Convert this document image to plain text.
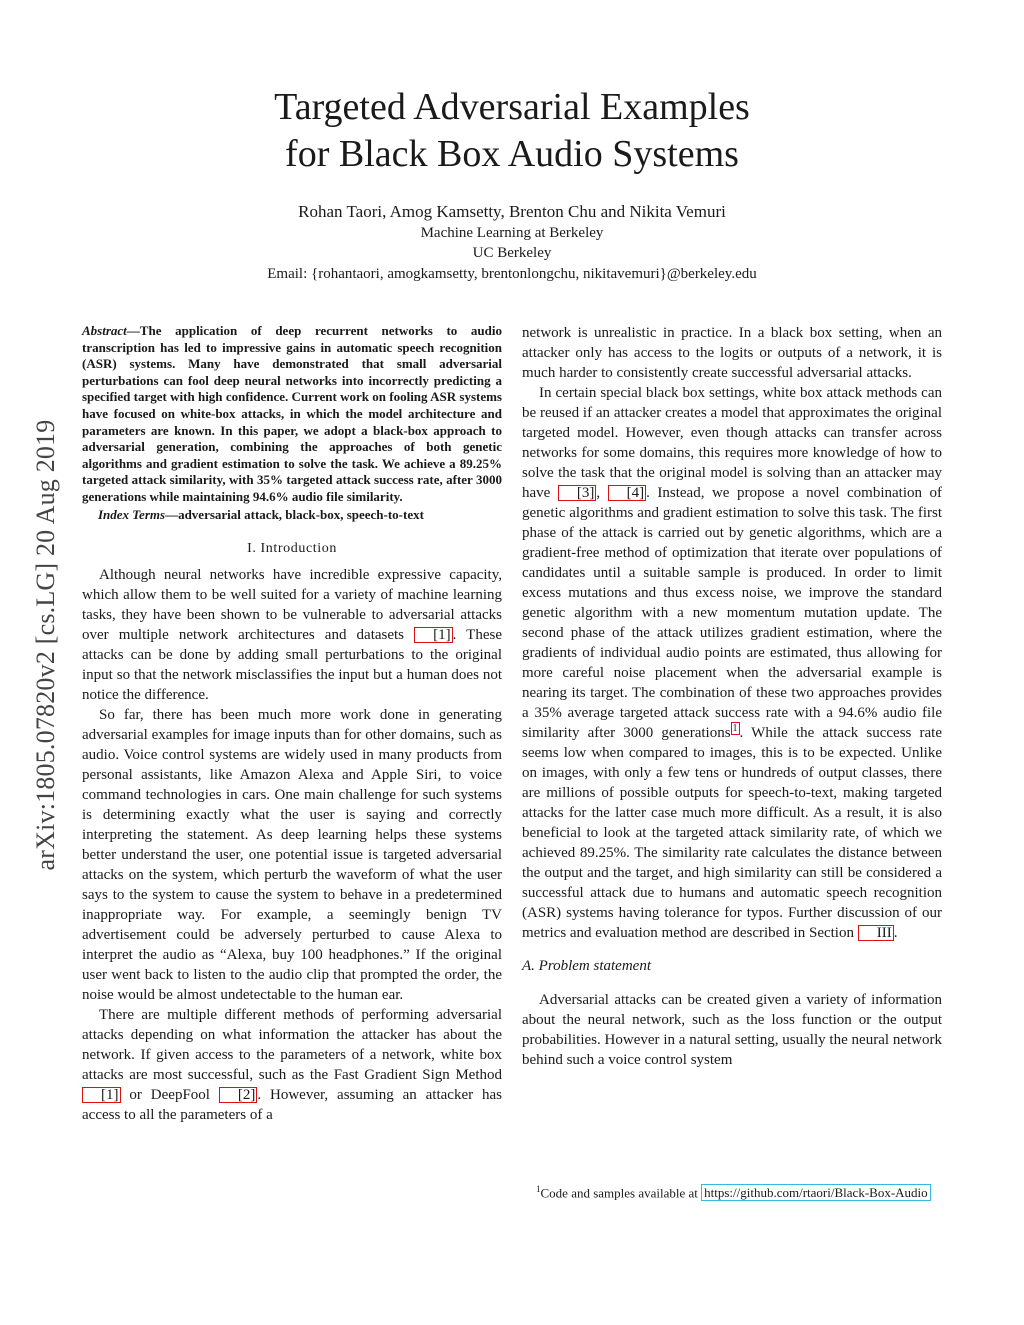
arXiv:1805.07820v2 [cs.LG] 20 Aug 2019
Targeted Adversarial Examples
for Black Box Audio Systems
Rohan Taori, Amog Kamsetty, Brenton Chu and Nikita Vemuri
Machine Learning at Berkeley
UC Berkeley
Email: {rohantaori, amogkamsetty, brentonlongchu, nikitavemuri}@berkeley.edu
Abstract—The application of deep recurrent networks to audio transcription has led to impressive gains in automatic speech recognition (ASR) systems. Many have demonstrated that small adversarial perturbations can fool deep neural networks into incorrectly predicting a specified target with high confidence. Current work on fooling ASR systems have focused on white-box attacks, in which the model architecture and parameters are known. In this paper, we adopt a black-box approach to adversarial generation, combining the approaches of both genetic algorithms and gradient estimation to solve the task. We achieve a 89.25% targeted attack similarity, with 35% targeted attack success rate, after 3000 generations while maintaining 94.6% audio file similarity.
Index Terms—adversarial attack, black-box, speech-to-text
I. Introduction

Although neural networks have incredible expressive capacity, which allow them to be well suited for a variety of machine learning tasks, they have been shown to be vulnerable to adversarial attacks over multiple network architectures and datasets [1] . These attacks can be done by adding small perturbations to the original input so that the network misclassifies the input but a human does not notice the difference.

So far, there has been much more work done in generating adversarial examples for image inputs than for other domains, such as audio. Voice control systems are widely used in many products from personal assistants, like Amazon Alexa and Apple Siri, to voice command technologies in cars. One main challenge for such systems is determining exactly what the user is saying and correctly interpreting the statement. As deep learning helps these systems better understand the user, one potential issue is targeted adversarial attacks on the system, which perturb the waveform of what the user says to the system to cause the system to behave in a predetermined inappropriate way. For example, a seemingly benign TV advertisement could be adversely perturbed to cause Alexa to interpret the audio as “Alexa, buy 100 headphones.” If the original user went back to listen to the audio clip that prompted the order, the noise would be almost undetectable to the human ear.

There are multiple different methods of performing adversarial attacks depending on what information the attacker has about the network. If given access to the parameters of a network, white box attacks are most successful, such as the Fast Gradient Sign Method [1] or DeepFool [2] . However, assuming an attacker has access to all the parameters of a

network is unrealistic in practice. In a black box setting, when an attacker only has access to the logits or outputs of a network, it is much harder to consistently create successful adversarial attacks.

In certain special black box settings, white box attack methods can be reused if an attacker creates a model that approximates the original targeted model. However, even though attacks can transfer across networks for some domains, this requires more knowledge of how to solve the task that the original model is solving than an attacker may have [3] , [4] . Instead, we propose a novel combination of genetic algorithms and gradient estimation to solve this task. The first phase of the attack is carried out by genetic algorithms, which are a gradient-free method of optimization that iterate over populations of candidates until a suitable sample is produced. In order to limit excess mutations and thus excess noise, we improve the standard genetic algorithm with a new momentum mutation update. The second phase of the attack utilizes gradient estimation, where the gradients of individual audio points are estimated, thus allowing for more careful noise placement when the adversarial example is nearing its target. The combination of these two approaches provides a 35% average targeted attack success rate with a 94.6% audio file similarity after 3000 generations $^1$ . While the attack success rate seems low when compared to images, this is to be expected. Unlike on images, with only a few tens or hundreds of output classes, there are millions of possible outputs for speech-to-text, making targeted attacks for the latter case much more difficult. As a result, it is also beneficial to look at the targeted attack similarity rate, of which we achieved 89.25%. The similarity rate calculates the distance between the output and the target, and high similarity can still be considered a successful attack due to humans and automatic speech recognition (ASR) systems having tolerance for typos. Further discussion of our metrics and evaluation method are described in Section III .

A. Problem statement

Adversarial attacks can be created given a variety of information about the neural network, such as the loss function or the output probabilities. However in a natural setting, usually the neural network behind such a voice control system

$^1$Code and samples available at https://github.com/rtaori/Black-Box-Audio
